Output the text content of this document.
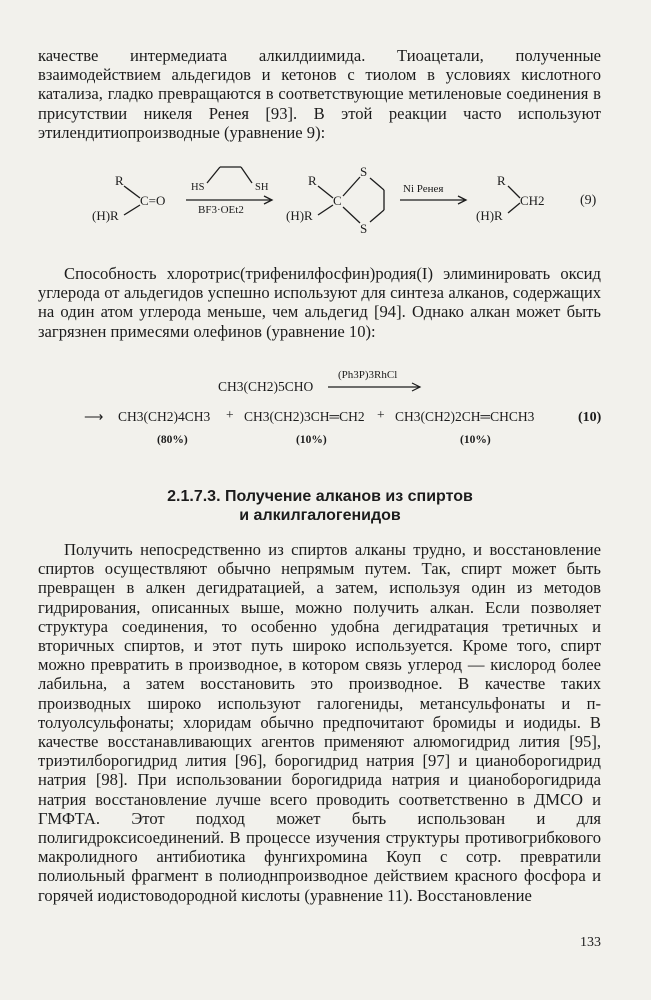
качестве интермедиата алкилдиимида. Тиоацетали, полученные взаимодействием альдегидов и кетонов с тиолом в условиях кислотного катализа, гладко превращаются в соответствующие метиленовые соединения в присутствии никеля Ренея [93]. В этой реакции часто используют этилендитиопроизводные (уравнение 9):

R
(H)R
C=O
HS	SH
BF3·OEt2
R
(H)R
C
S
S
Ni Ренея
R
(H)R
CH2	(9)

Способность хлоротрис(трифенилфосфин)родия(I) элиминировать оксид углерода от альдегидов успешно используют для синтеза алканов, содержащих на один атом углерода меньше, чем альдегид [94]. Однако алкан может быть загрязнен примесями олефинов (уравнение 10):

CH3(CH2)5CHO
(Ph3P)3RhCl
⟶ CH3(CH2)4CH3 + CH3(CH2)3CH═CH2 + CH3(CH2)2CH═CHCH3	(10)
(80%)	(10%)	(10%)
2.1.7.3. Получение алканов из спиртов
и алкилгалогенидов

Получить непосредственно из спиртов алканы трудно, и восстановление спиртов осуществляют обычно непрямым путем. Так, спирт может быть превращен в алкен дегидратацией, а затем, используя один из методов гидрирования, описанных выше, можно получить алкан. Если позволяет структура соединения, то особенно удобна дегидратация третичных и вторичных спиртов, и этот путь широко используется. Кроме того, спирт можно превратить в производное, в котором связь углерод — кислород более лабильна, а затем восстановить это производное. В качестве таких производных широко используют галогениды, метансульфонаты и п-толуолсульфонаты; хлоридам обычно предпочитают бромиды и иодиды. В качестве восстанавливающих агентов применяют алюмогидрид лития [95], триэтилборогидрид лития [96], борогидрид натрия [97] и цианоборогидрид натрия [98]. При использовании борогидрида натрия и цианоборогидрида натрия восстановление лучше всего проводить соответственно в ДМСО и ГМФТА. Этот подход может быть использован и для полигидроксисоединений. В процессе изучения структуры противогрибкового макролидного антибиотика фунгихромина Коуп с сотр. превратили полиольный фрагмент в полиоднпроизводное действием красного фосфора и горячей иодистоводородной кислоты (уравнение 11). Восстановление

133
